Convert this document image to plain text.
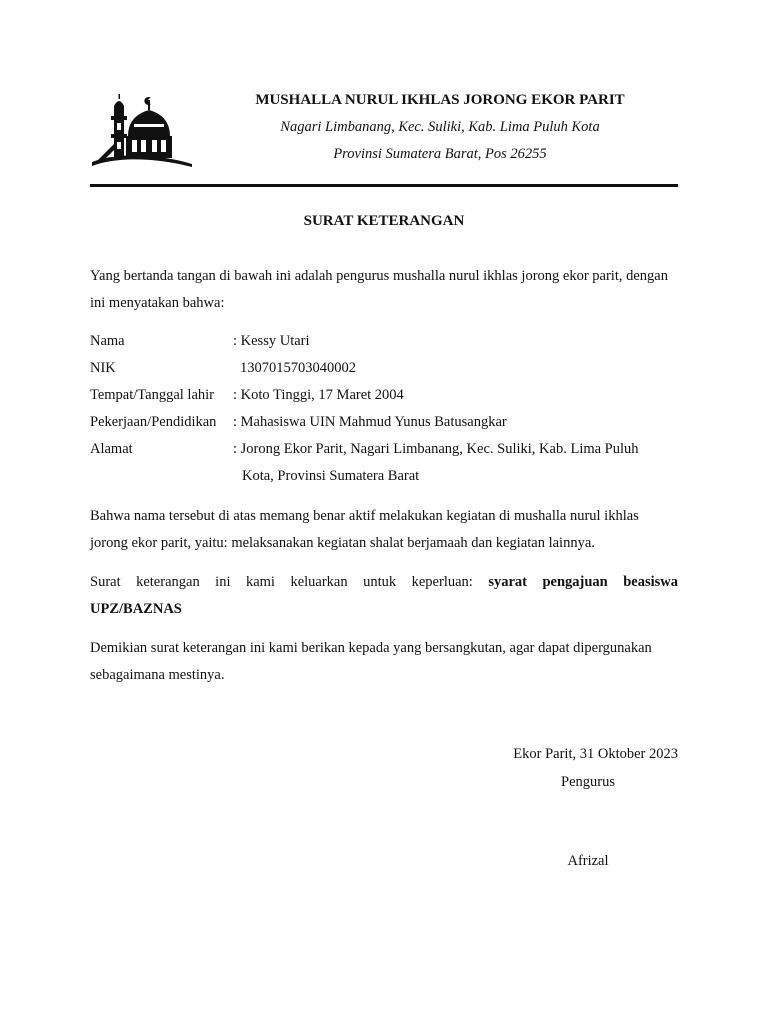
MUSHALLA NURUL IKHLAS JORONG EKOR PARIT
Nagari Limbanang, Kec. Suliki, Kab. Lima Puluh Kota
Provinsi Sumatera Barat, Pos 26255
SURAT KETERANGAN
Yang bertanda tangan di bawah ini adalah pengurus mushalla nurul ikhlas jorong ekor parit, dengan ini menyatakan bahwa:
Nama	: Kessy Utari
NIK	1307015703040002
Tempat/Tanggal lahir : Koto Tinggi, 17 Maret 2004
Pekerjaan/Pendidikan : Mahasiswa UIN Mahmud Yunus Batusangkar
Alamat	: Jorong Ekor Parit, Nagari Limbanang, Kec. Suliki, Kab. Lima Puluh
Kota, Provinsi Sumatera Barat
Bahwa nama tersebut di atas memang benar aktif melakukan kegiatan di mushalla nurul ikhlas jorong ekor parit, yaitu: melaksanakan kegiatan shalat berjamaah dan kegiatan lainnya.
Surat keterangan ini kami keluarkan untuk keperluan: syarat pengajuan beasiswa
UPZ/BAZNAS
Demikian surat keterangan ini kami berikan kepada yang bersangkutan, agar dapat dipergunakan sebagaimana mestinya.
Ekor Parit, 31 Oktober 2023
Pengurus
Afrizal
